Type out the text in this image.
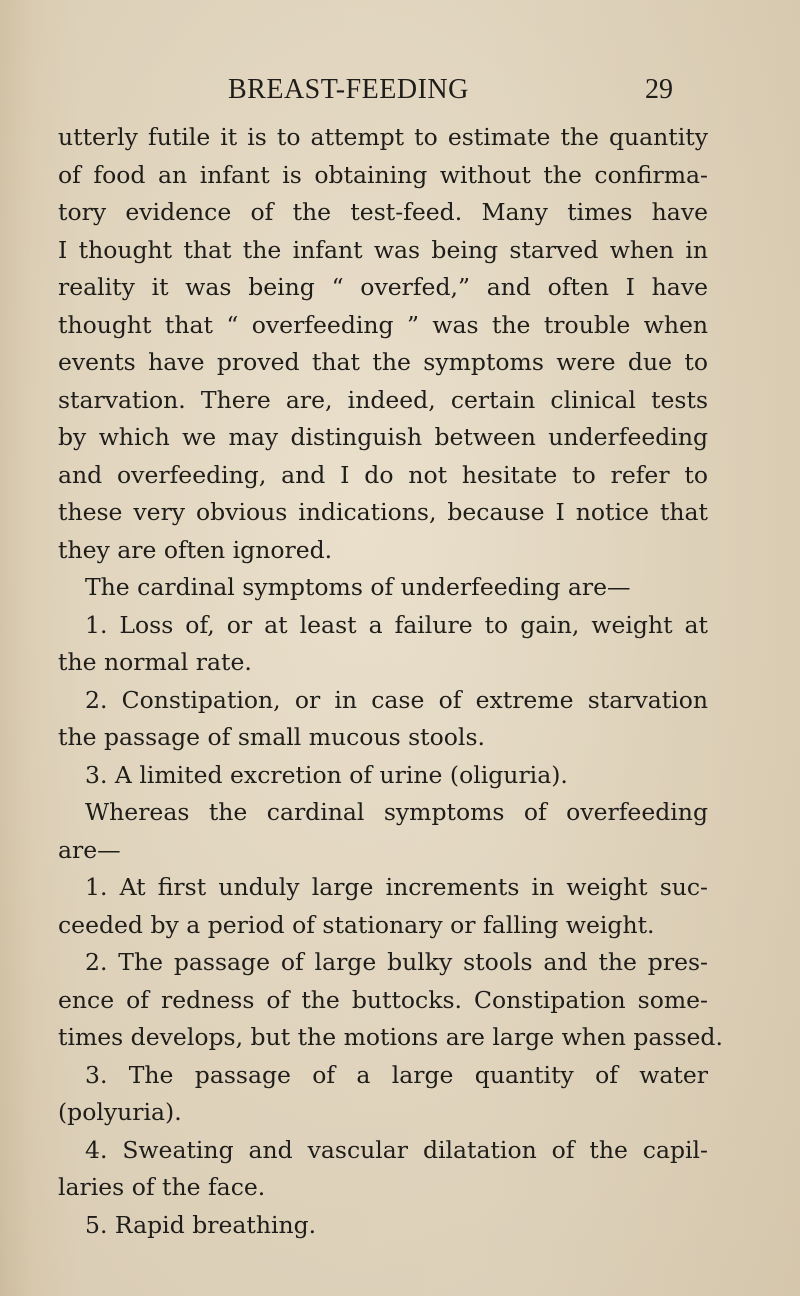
BREAST-FEEDING	29
utterly futile it is to attempt to estimate the quantity
of food an infant is obtaining without the confirma-
tory evidence of the test-feed. Many times have
I thought that the infant was being starved when in
reality it was being “ overfed,” and often I have
thought that “ overfeeding ” was the trouble when
events have proved that the symptoms were due to
starvation. There are, indeed, certain clinical tests
by which we may distinguish between underfeeding
and overfeeding, and I do not hesitate to refer to
these very obvious indications, because I notice that
they are often ignored.
The cardinal symptoms of underfeeding are—
1. Loss of, or at least a failure to gain, weight at
the normal rate.
2. Constipation, or in case of extreme starvation
the passage of small mucous stools.
3. A limited excretion of urine (oliguria).
Whereas the cardinal symptoms of overfeeding
are—
1. At first unduly large increments in weight suc-
ceeded by a period of stationary or falling weight.
2. The passage of large bulky stools and the pres-
ence of redness of the buttocks. Constipation some-
times develops, but the motions are large when passed.
3. The passage of a large quantity of water
(polyuria).
4. Sweating and vascular dilatation of the capil-
laries of the face.
5. Rapid breathing.
